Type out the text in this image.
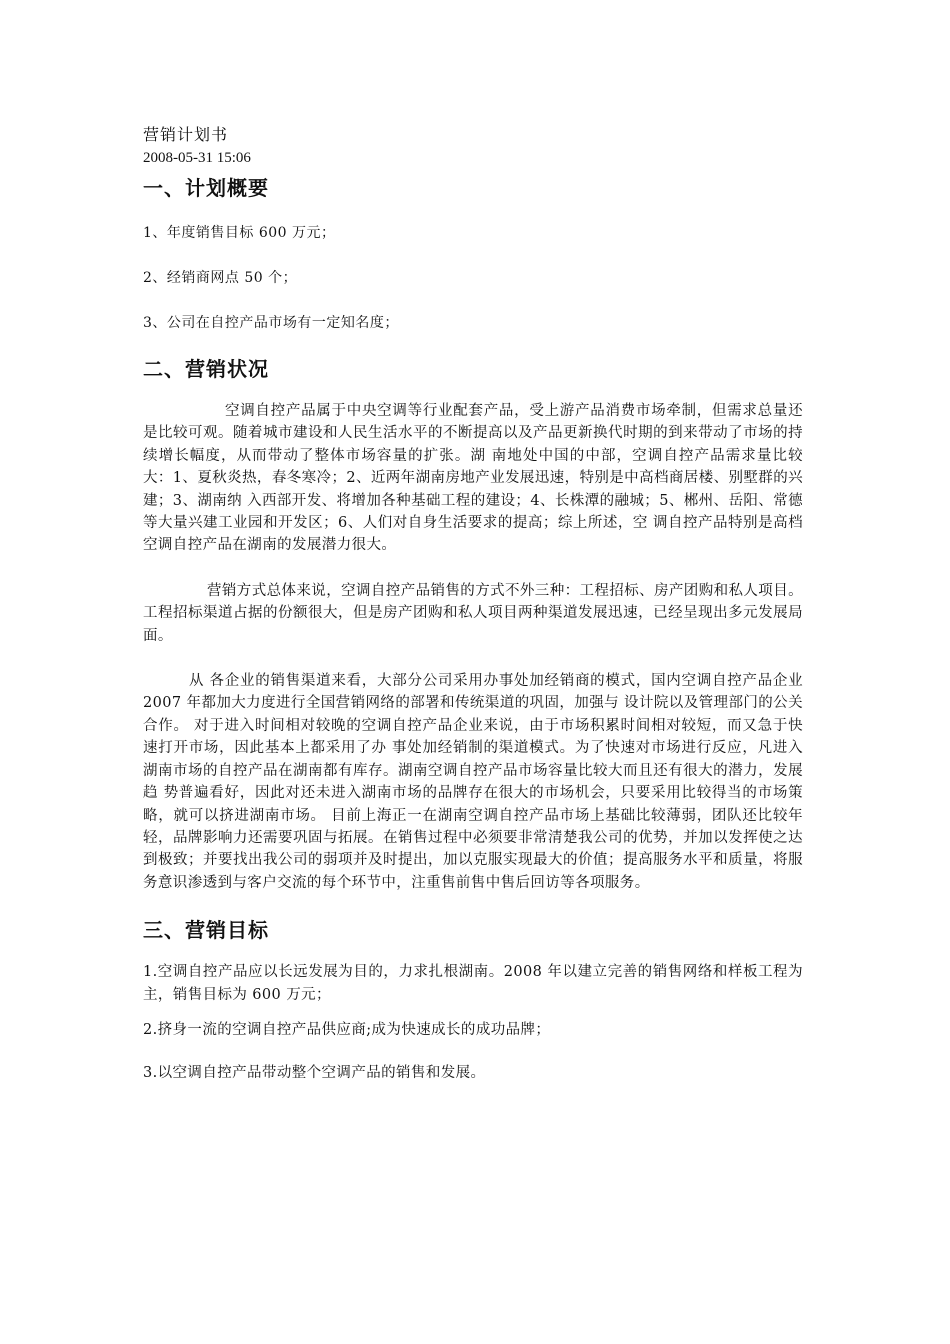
营销计划书

2008-05-31 15:06

一、计划概要

1、年度销售目标 600 万元；

2、经销商网点 50 个；

3、公司在自控产品市场有一定知名度；

二、营销状况

空调自控产品属于中央空调等行业配套产品，受上游产品消费市场牵制，但需求总量还是比较可观。随着城市建设和人民生活水平的不断提高以及产品更新换代时期的到来带动了市场的持续增长幅度，从而带动了整体市场容量的扩张。湖 南地处中国的中部，空调自控产品需求量比较大：1、夏秋炎热，春冬寒冷；2、近两年湖南房地产业发展迅速，特别是中高档商居楼、别墅群的兴建；3、湖南纳 入西部开发、将增加各种基础工程的建设；4、长株潭的融城；5、郴州、岳阳、常德等大量兴建工业园和开发区；6、人们对自身生活要求的提高；综上所述，空 调自控产品特别是高档空调自控产品在湖南的发展潜力很大。

营销方式总体来说，空调自控产品销售的方式不外三种：工程招标、房产团购和私人项目。工程招标渠道占据的份额很大，但是房产团购和私人项目两种渠道发展迅速，已经呈现出多元发展局面。

从 各企业的销售渠道来看，大部分公司采用办事处加经销商的模式，国内空调自控产品企业 2007 年都加大力度进行全国营销网络的部署和传统渠道的巩固，加强与 设计院以及管理部门的公关合作。 对于进入时间相对较晚的空调自控产品企业来说，由于市场积累时间相对较短，而又急于快速打开市场，因此基本上都采用了办 事处加经销制的渠道模式。为了快速对市场进行反应，凡进入湖南市场的自控产品在湖南都有库存。湖南空调自控产品市场容量比较大而且还有很大的潜力，发展趋 势普遍看好，因此对还未进入湖南市场的品牌存在很大的市场机会，只要采用比较得当的市场策略，就可以挤进湖南市场。 目前上海正一在湖南空调自控产品市场上基础比较薄弱，团队还比较年轻，品牌影响力还需要巩固与拓展。在销售过程中必须要非常清楚我公司的优势，并加以发挥使之达到极致；并要找出我公司的弱项并及时提出，加以克服实现最大的价值；提高服务水平和质量，将服务意识渗透到与客户交流的每个环节中，注重售前售中售后回访等各项服务。

三、营销目标

1.空调自控产品应以长远发展为目的，力求扎根湖南。2008 年以建立完善的销售网络和样板工程为主，销售目标为 600 万元；

2.挤身一流的空调自控产品供应商;成为快速成长的成功品牌；

3.以空调自控产品带动整个空调产品的销售和发展。
